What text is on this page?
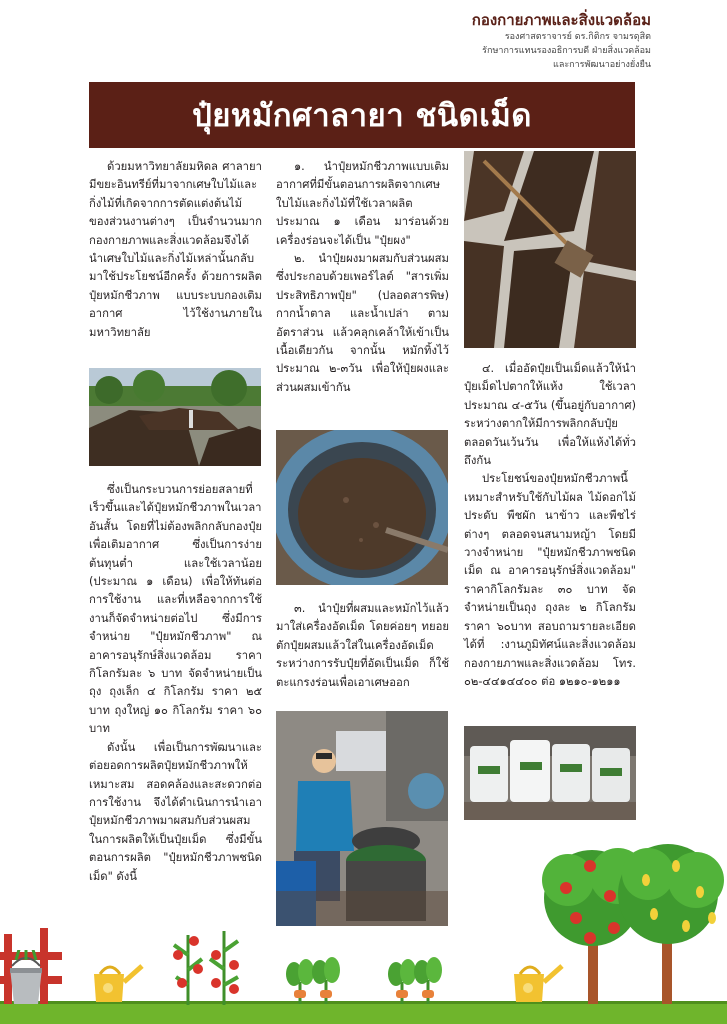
กองกายภาพและสิ่งแวดล้อม
รองศาสตราจารย์ ดร.กิติกร จามรดุสิต
รักษาการแทนรองอธิการบดี ฝ่ายสิ่งแวดล้อม
และการพัฒนาอย่างยั่งยืน
ปุ๋ยหมักศาลายา ชนิดเม็ด

ด้วยมหาวิทยาลัยมหิดล ศาลายา มีขยะอินทรีย์ที่มาจากเศษใบไม้และกิ่งไม้ที่เกิดจากการตัดแต่งต้นไม้ของส่วนงานต่างๆ เป็นจำนวนมาก กองกายภาพและสิ่งแวดล้อมจึงได้นำเศษใบไม้และกิ่งไม้เหล่านั้นกลับมาใช้ประโยชน์อีกครั้ง ด้วยการผลิตปุ๋ยหมักชีวภาพ แบบระบบกองเติมอากาศ ไว้ใช้งานภายในมหาวิทยาลัย

ซึ่งเป็นกระบวนการย่อยสลายที่เร็วขึ้นและได้ปุ๋ยหมักชีวภาพในเวลาอันสั้น โดยที่ไม่ต้องพลิกกลับกองปุ๋ยเพื่อเติมอากาศ ซึ่งเป็นการง่าย ต้นทุนต่ำ และใช้เวลาน้อย (ประมาณ ๑ เดือน) เพื่อให้ทันต่อการใช้งาน และที่เหลือจากการใช้งานก็จัดจำหน่ายต่อไป ซึ่งมีการจำหน่าย "ปุ๋ยหมักชีวภาพ" ณ อาคารอนุรักษ์สิ่งแวดล้อม ราคากิโลกรัมละ ๖ บาท จัดจำหน่ายเป็นถุง ถุงเล็ก ๔ กิโลกรัม ราคา ๒๕ บาท ถุงใหญ่ ๑๐ กิโลกรัม ราคา ๖๐ บาท

ดังนั้น เพื่อเป็นการพัฒนาและต่อยอดการผลิตปุ๋ยหมักชีวภาพให้เหมาะสม สอดคล้องและสะดวกต่อการใช้งาน จึงได้ดำเนินการนำเอาปุ๋ยหมักชีวภาพมาผสมกับส่วนผสมในการผลิตให้เป็นปุ๋ยเม็ด ซึ่งมีขั้นตอนการผลิต "ปุ๋ยหมักชีวภาพชนิดเม็ด" ดังนี้

๑. นำปุ๋ยหมักชีวภาพแบบเติมอากาศที่มีขั้นตอนการผลิตจากเศษใบไม้และกิ่งไม้ที่ใช้เวลาผลิตประมาณ ๑ เดือน มาร่อนด้วยเครื่องร่อนจะได้เป็น "ปุ๋ยผง"

๒. นำปุ๋ยผงมาผสมกับส่วนผสมซึ่งประกอบด้วยเพอร์ไลต์ "สารเพิ่มประสิทธิภาพปุ๋ย" (ปลอดสารพิษ) กากน้ำตาล และน้ำเปล่า ตามอัตราส่วน แล้วคลุกเคล้าให้เข้าเป็นเนื้อเดียวกัน จากนั้น หมักทิ้งไว้ประมาณ ๒-๓วัน เพื่อให้ปุ๋ยผงและส่วนผสมเข้ากัน

๓. นำปุ๋ยที่ผสมและหมักไว้แล้วมาใส่เครื่องอัดเม็ด โดยค่อยๆ ทยอยตักปุ๋ยผสมแล้วใส่ในเครื่องอัดเม็ด ระหว่างการรับปุ๋ยที่อัดเป็นเม็ด ก็ใช้ตะแกรงร่อนเพื่อเอาเศษออก

๔. เมื่ออัดปุ๋ยเป็นเม็ดแล้วให้นำปุ๋ยเม็ดไปตากให้แห้ง ใช้เวลาประมาณ ๔-๕วัน (ขึ้นอยู่กับอากาศ) ระหว่างตากให้มีการพลิกกลับปุ๋ยตลอดวันเว้นวัน เพื่อให้แห้งได้ทั่ว ถึงกัน

ประโยชน์ของปุ๋ยหมักชีวภาพนี้เหมาะสำหรับใช้กับไม้ผล ไม้ดอกไม้ประดับ พืชผัก นาข้าว และพืชไร่ต่างๆ ตลอดจนสนามหญ้า โดยมีวางจำหน่าย "ปุ๋ยหมักชีวภาพชนิดเม็ด ณ อาคารอนุรักษ์สิ่งแวดล้อม" ราคากิโลกรัมละ ๓๐ บาท จัดจำหน่ายเป็นถุง ถุงละ ๒ กิโลกรัม ราคา ๖๐บาท สอบถามรายละเอียดได้ที่ :งานภูมิทัศน์และสิ่งแวดล้อม กองกายภาพและสิ่งแวดล้อม โทร. ๐๒-๔๔๑๔๔๐๐ ต่อ ๑๒๑๐-๑๒๑๑
